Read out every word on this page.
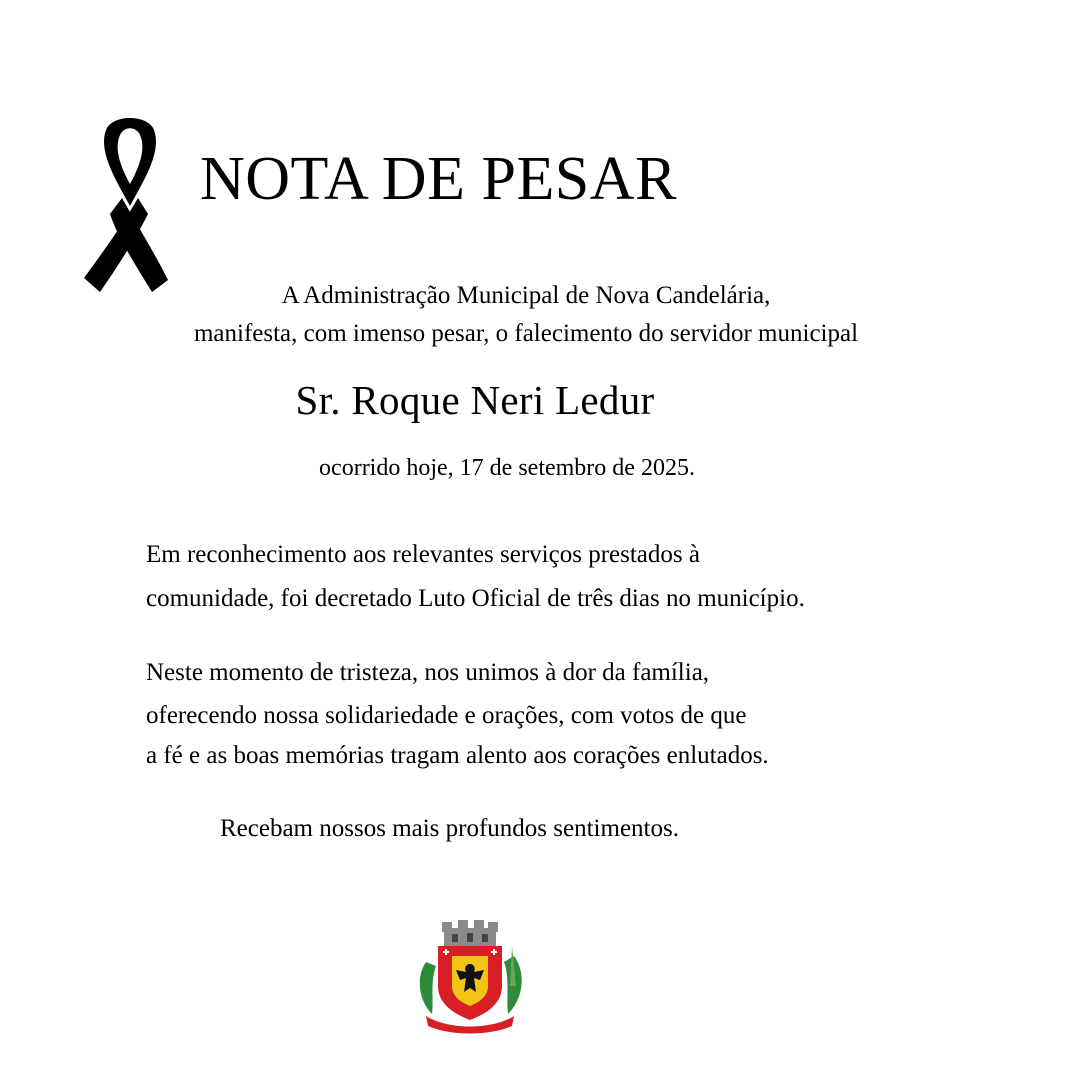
NOTA DE PESAR
A Administração Municipal de Nova Candelária,
manifesta, com imenso pesar, o falecimento do servidor municipal
Sr. Roque Neri Ledur
ocorrido hoje, 17 de setembro de 2025.
Em reconhecimento aos relevantes serviços prestados à
comunidade, foi decretado Luto Oficial de três dias no município.
Neste momento de tristeza, nos unimos à dor da família,
oferecendo nossa solidariedade e orações, com votos de que
a fé e as boas memórias tragam alento aos corações enlutados.
Recebam nossos mais profundos sentimentos.
